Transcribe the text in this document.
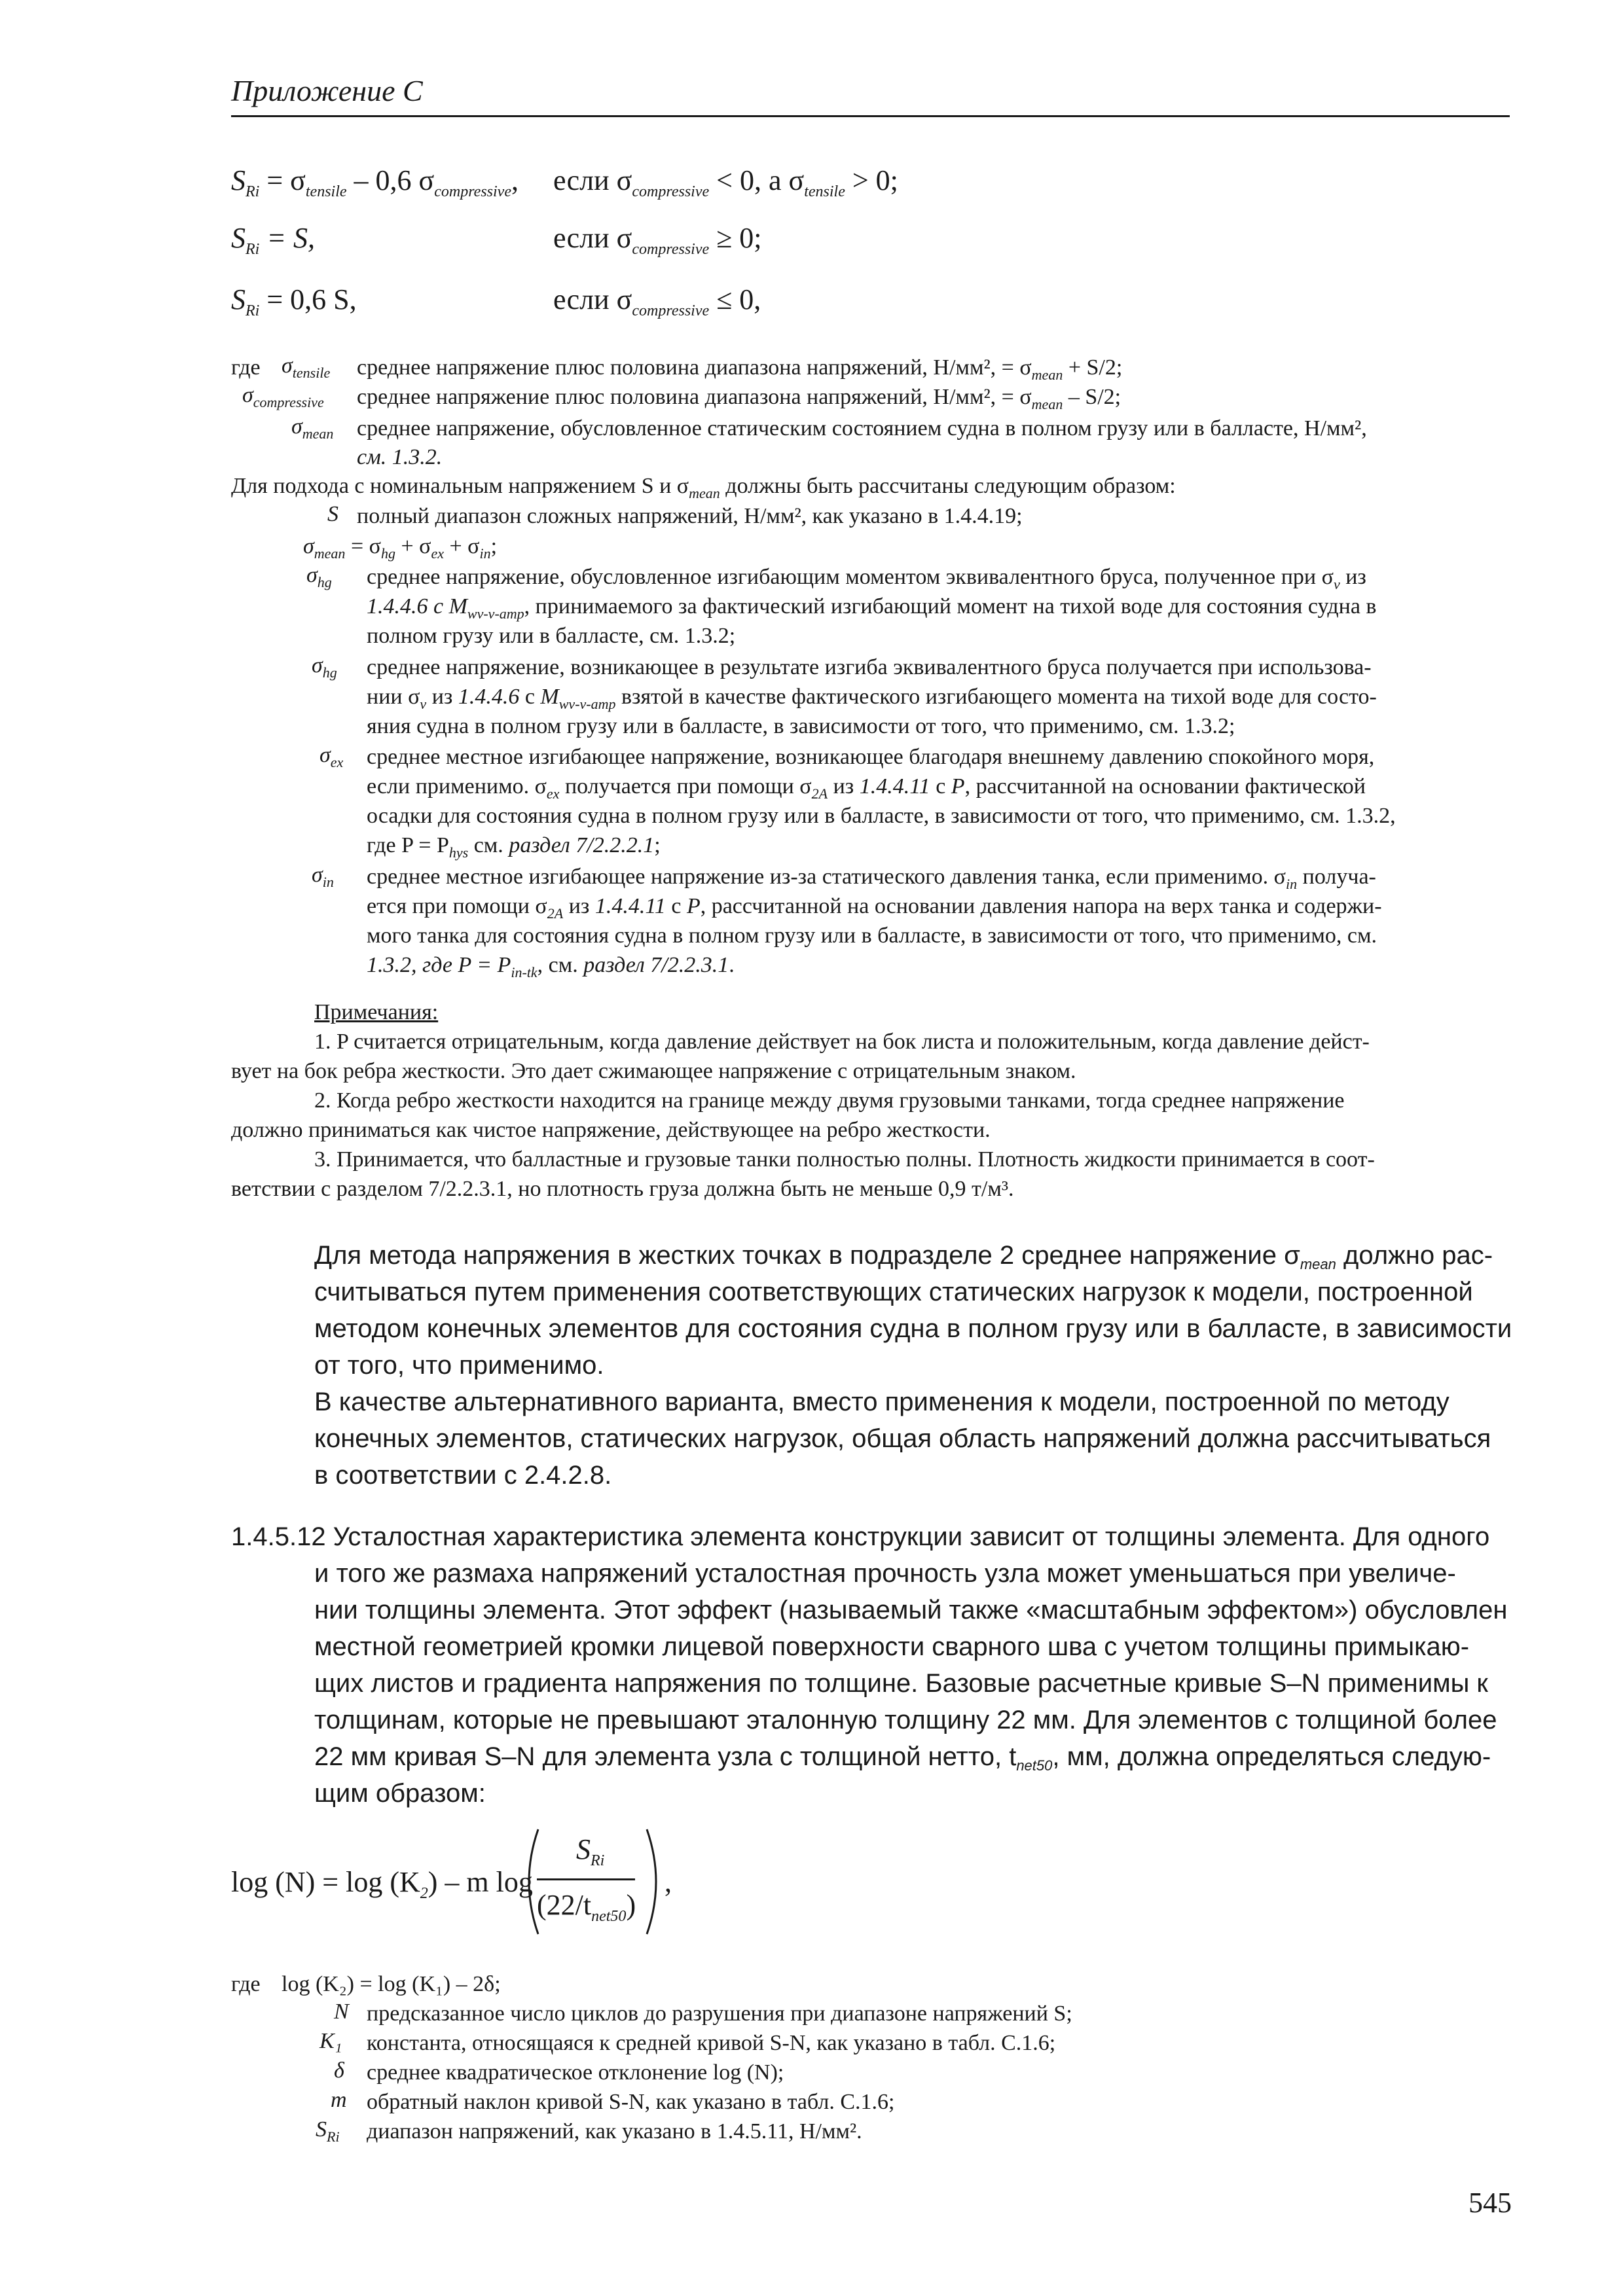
Приложение С
$S_{Ri} = \sigma_{tensile} - 0,6$ $\sigma_{compressive}$, если $\sigma_{compressive} < 0$, а $\sigma_{tensile} > 0$;
$S_{Ri} = S$,	если $\sigma_{compressive} \ge 0$;
$S_{Ri} = 0,6$ S,	если $\sigma_{compressive} \le 0$,
где $\sigma_{tensile}$ среднее напряжение плюс половина диапазона напряжений, Н/мм², = $\sigma_{mean} + S/2$;
$\sigma_{compressive}$ среднее напряжение плюс половина диапазона напряжений, Н/мм², = $\sigma_{mean} - S/2$;
$\sigma_{mean}$ среднее напряжение, обусловленное статическим состоянием судна в полном грузу или в балласте, Н/мм²,
см. 1.3.2.
Для подхода с номинальным напряжением S и $\sigma_{mean}$ должны быть рассчитаны следующим образом:
S полный диапазон сложных напряжений, Н/мм², как указано в 1.4.4.19;
$\sigma_{mean} = \sigma_{hg} + \sigma_{ex} + \sigma_{in}$;
$\sigma_{hg}$ среднее напряжение, обусловленное изгибающим моментом эквивалентного бруса, полученное при $\sigma_v$ из
1.4.4.6 с $M_{wv-v-amp}$, принимаемого за фактический изгибающий момент на тихой воде для состояния судна в
полном грузу или в балласте, см. 1.3.2;
$\sigma_{hg}$ среднее напряжение, возникающее в результате изгиба эквивалентного бруса получается при использова-
нии $\sigma_v$ из 1.4.4.6 с $M_{wv-v-amp}$ взятой в качестве фактического изгибающего момента на тихой воде для состо-
яния судна в полном грузу или в балласте, в зависимости от того, что применимо, см. 1.3.2;
$\sigma_{ex}$ среднее местное изгибающее напряжение, возникающее благодаря внешнему давлению спокойного моря,
если применимо. $\sigma_{ex}$ получается при помощи $\sigma_{2A}$ из 1.4.4.11 с P, рассчитанной на основании фактической
осадки для состояния судна в полном грузу или в балласте, в зависимости от того, что применимо, см. 1.3.2,
где $P = P_{hys}$ см. раздел 7/2.2.2.1;
$\sigma_{in}$ среднее местное изгибающее напряжение из-за статического давления танка, если применимо. $\sigma_{in}$ получа-
ется при помощи $\sigma_{2A}$ из 1.4.4.11 с P, рассчитанной на основании давления напора на верх танка и содержи-
мого танка для состояния судна в полном грузу или в балласте, в зависимости от того, что применимо, см.
1.3.2, где $P = P_{in-tk}$, см. раздел 7/2.2.3.1.
Примечания:
1. P считается отрицательным, когда давление действует на бок листа и положительным, когда давление дейст-
вует на бок ребра жесткости. Это дает сжимающее напряжение с отрицательным знаком.
2. Когда ребро жесткости находится на границе между двумя грузовыми танками, тогда среднее напряжение
должно приниматься как чистое напряжение, действующее на ребро жесткости.
3. Принимается, что балластные и грузовые танки полностью полны. Плотность жидкости принимается в соот-
ветствии с разделом 7/2.2.3.1, но плотность груза должна быть не меньше 0,9 т/м³.
Для метода напряжения в жестких точках в подразделе 2 среднее напряжение $\sigma_{mean}$ должно рас-
считываться путем применения соответствующих статических нагрузок к модели, построенной
методом конечных элементов для состояния судна в полном грузу или в балласте, в зависимости
от того, что применимо.
В качестве альтернативного варианта, вместо применения к модели, построенной по методу
конечных элементов, статических нагрузок, общая область напряжений должна рассчитываться
в соответствии с 2.4.2.8.
1.4.5.12 Усталостная характеристика элемента конструкции зависит от толщины элемента. Для одного
и того же размаха напряжений усталостная прочность узла может уменьшаться при увеличе-
нии толщины элемента. Этот эффект (называемый также «масштабным эффектом») обусловлен
местной геометрией кромки лицевой поверхности сварного шва с учетом толщины примыкаю-
щих листов и градиента напряжения по толщине. Базовые расчетные кривые S–N применимы к
толщинам, которые не превышают эталонную толщину 22 мм. Для элементов с толщиной более
22 мм кривая S–N для элемента узла с толщиной нетто, $t_{net50}$, мм, должна определяться следую-
щим образом:
$\log (N) = \log (K_2) - m$ log
$S_{Ri}$
$(22/t_{net50})$
,
где log (K₂) = log (K₁) – 2δ;
N предсказанное число циклов до разрушения при диапазоне напряжений S;
K₁ константа, относящаяся к средней кривой S-N, как указано в табл. С.1.6;
δ среднее квадратическое отклонение log (N);
m обратный наклон кривой S-N, как указано в табл. С.1.6;
$S_{Ri}$ диапазон напряжений, как указано в 1.4.5.11, Н/мм².
545
